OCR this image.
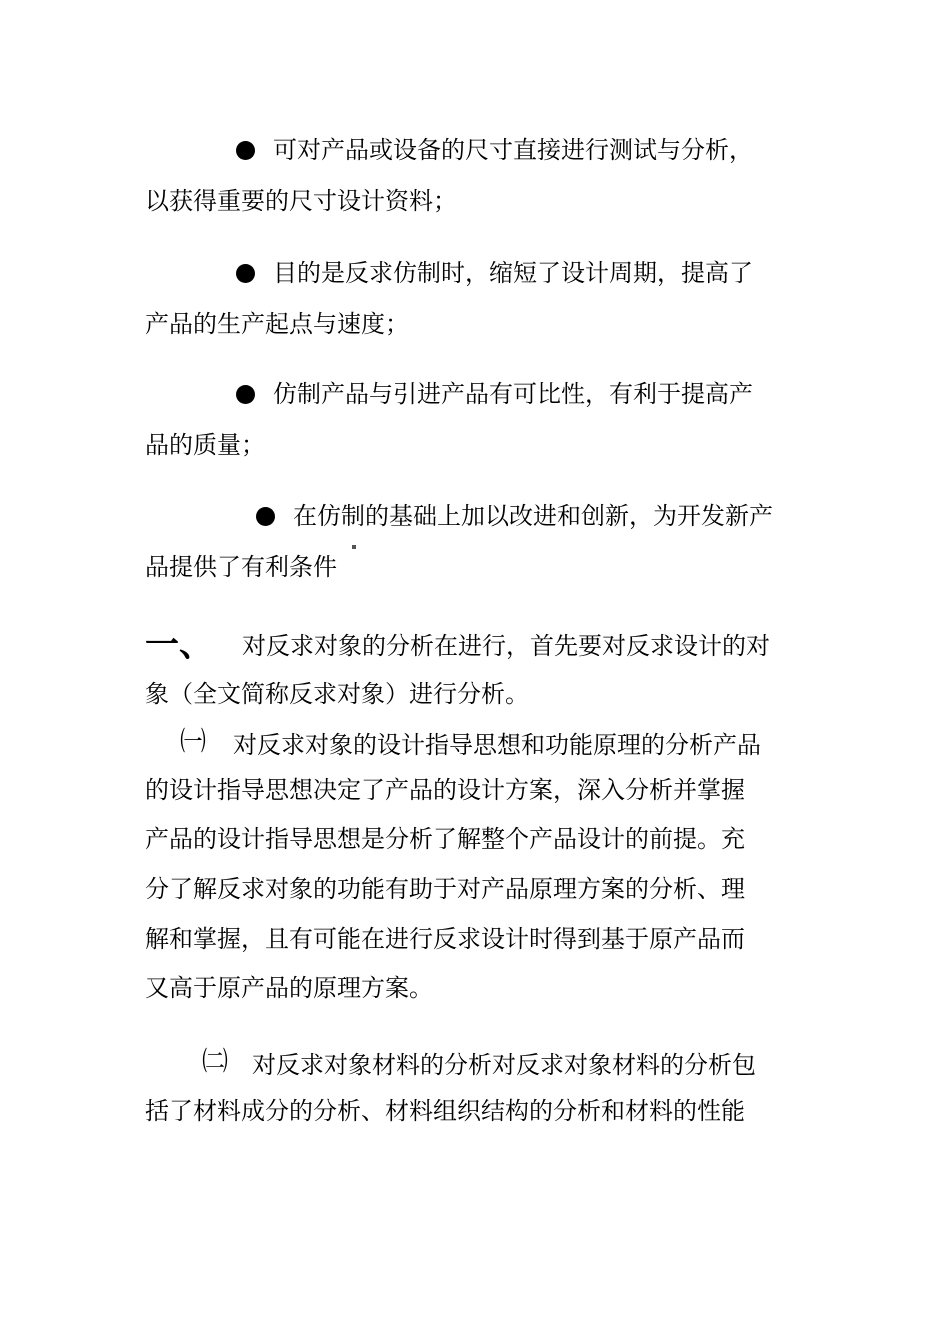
可对产品或设备的尺寸直接进行测试与分析，
以获得重要的尺寸设计资料；
目的是反求仿制时，缩短了设计周期，提高了
产品的生产起点与速度；
仿制产品与引进产品有可比性，有利于提高产
品的质量；
在仿制的基础上加以改进和创新，为开发新产
品提供了有利条件
一、 对反求对象的分析在进行，首先要对反求设计的对
象（全文简称反求对象）进行分析。
㈠ 对反求对象的设计指导思想和功能原理的分析产品
的设计指导思想决定了产品的设计方案，深入分析并掌握
产品的设计指导思想是分析了解整个产品设计的前提。充
分了解反求对象的功能有助于对产品原理方案的分析、理
解和掌握，且有可能在进行反求设计时得到基于原产品而
又高于原产品的原理方案。
㈡ 对反求对象材料的分析对反求对象材料的分析包
括了材料成分的分析、材料组织结构的分析和材料的性能
